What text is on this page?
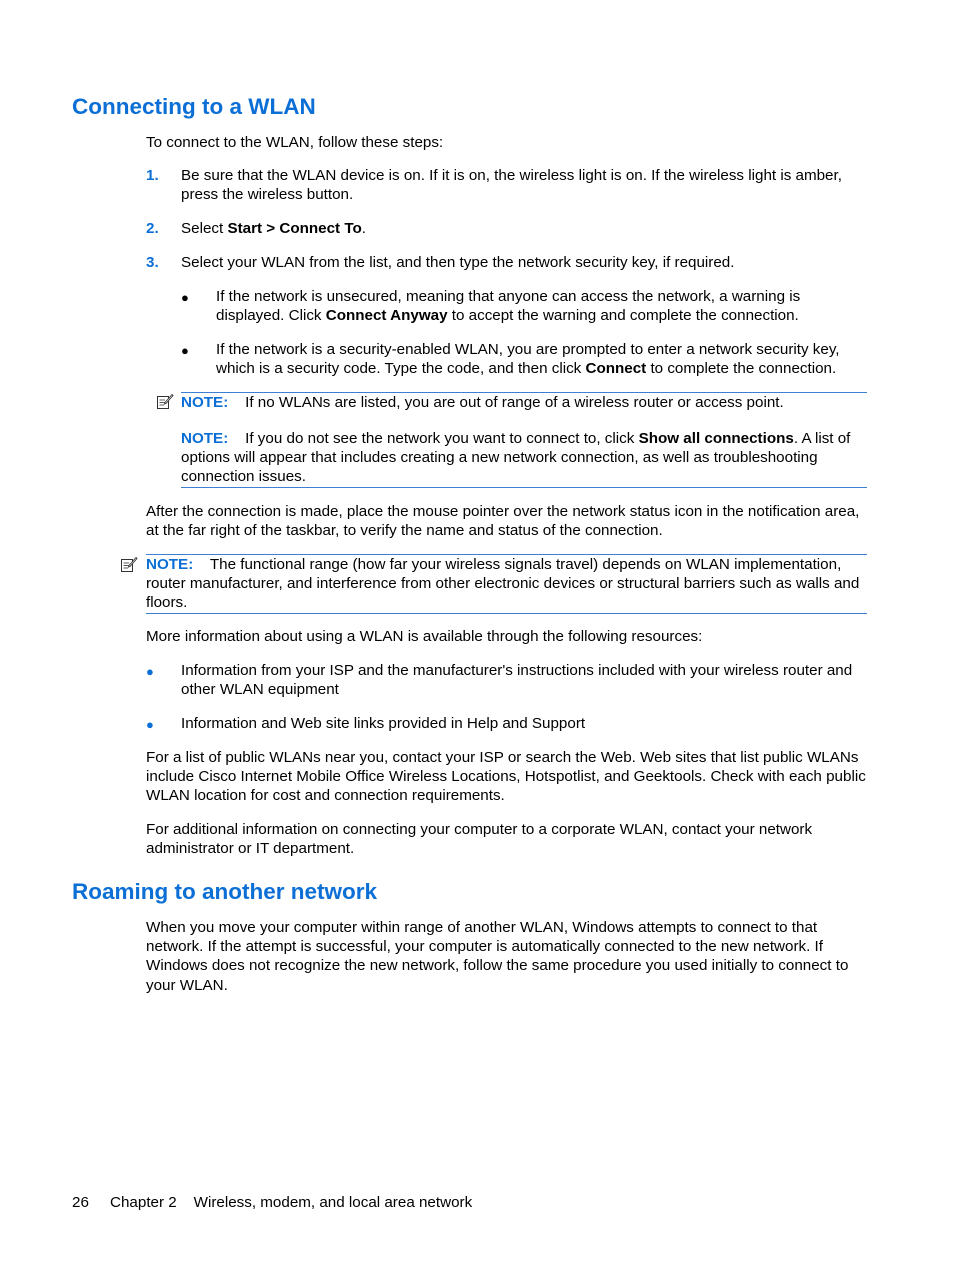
Connecting to a WLAN

To connect to the WLAN, follow these steps:

1. Be sure that the WLAN device is on. If it is on, the wireless light is on. If the wireless light is amber, press the wireless button.

2. Select Start > Connect To.

3. Select your WLAN from the list, and then type the network security key, if required.

● If the network is unsecured, meaning that anyone can access the network, a warning is displayed. Click Connect Anyway to accept the warning and complete the connection.

● If the network is a security-enabled WLAN, you are prompted to enter a network security key, which is a security code. Type the code, and then click Connect to complete the connection.

NOTE: If no WLANs are listed, you are out of range of a wireless router or access point.

NOTE: If you do not see the network you want to connect to, click Show all connections. A list of options will appear that includes creating a new network connection, as well as troubleshooting connection issues.

After the connection is made, place the mouse pointer over the network status icon in the notification area, at the far right of the taskbar, to verify the name and status of the connection.

NOTE: The functional range (how far your wireless signals travel) depends on WLAN implementation, router manufacturer, and interference from other electronic devices or structural barriers such as walls and floors.

More information about using a WLAN is available through the following resources:

● Information from your ISP and the manufacturer's instructions included with your wireless router and other WLAN equipment

● Information and Web site links provided in Help and Support

For a list of public WLANs near you, contact your ISP or search the Web. Web sites that list public WLANs include Cisco Internet Mobile Office Wireless Locations, Hotspotlist, and Geektools. Check with each public WLAN location for cost and connection requirements.

For additional information on connecting your computer to a corporate WLAN, contact your network administrator or IT department.

Roaming to another network

When you move your computer within range of another WLAN, Windows attempts to connect to that network. If the attempt is successful, your computer is automatically connected to the new network. If Windows does not recognize the new network, follow the same procedure you used initially to connect to your WLAN.

26 Chapter 2 Wireless, modem, and local area network
